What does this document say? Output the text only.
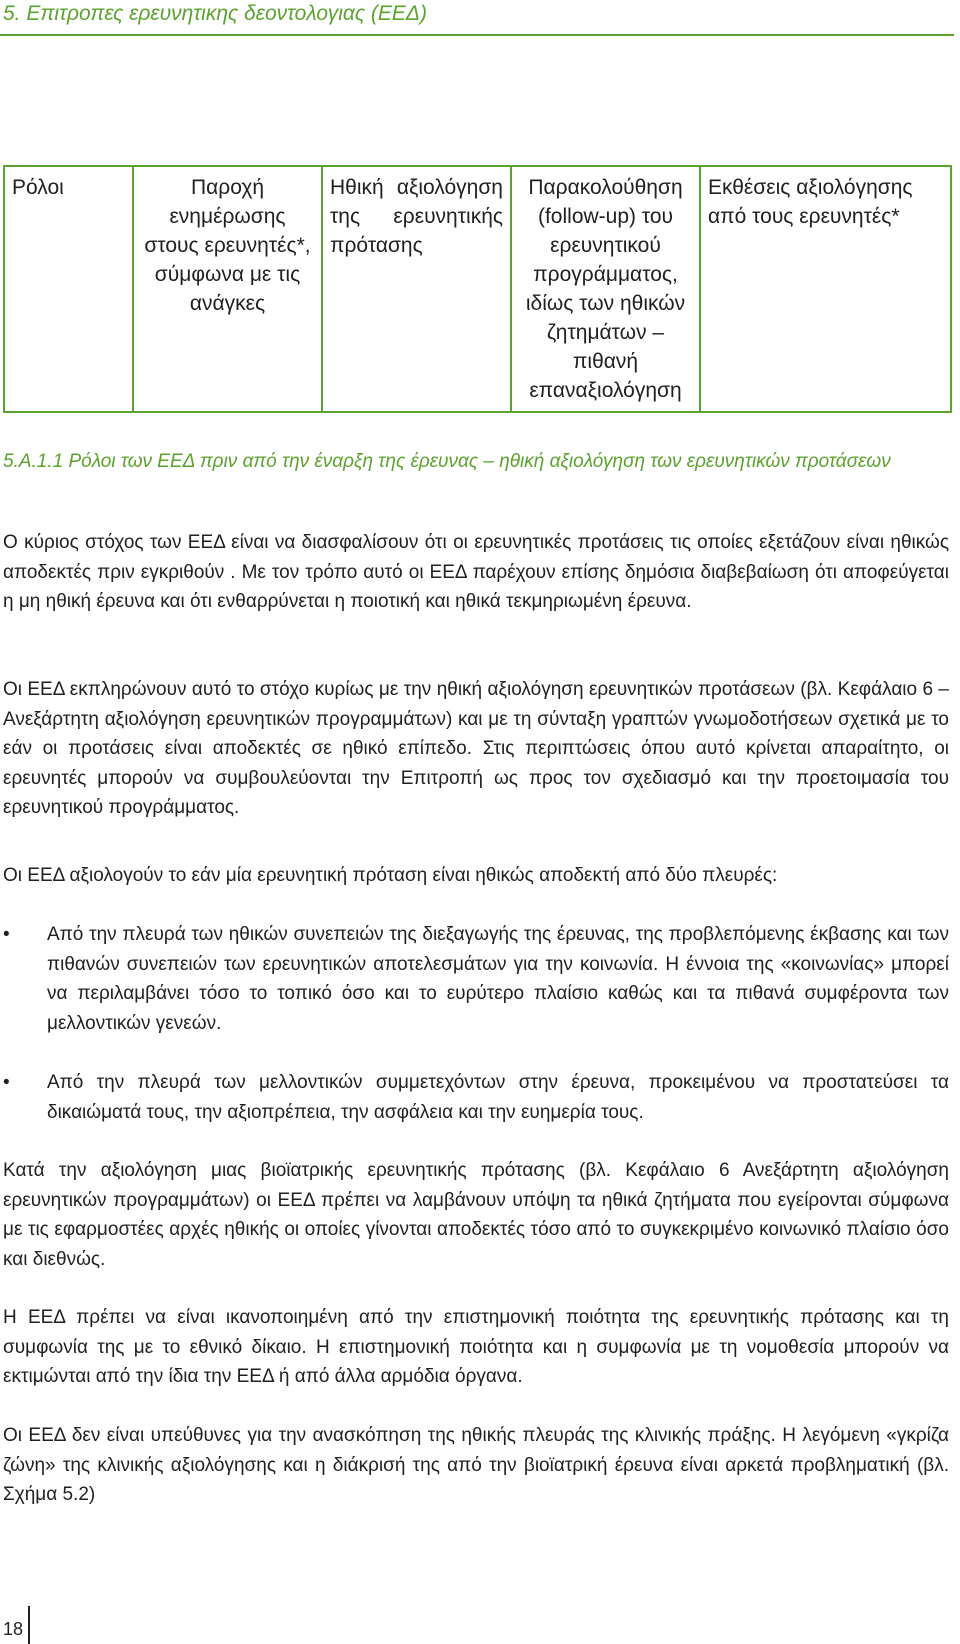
5. Επιτροπες ερευνητικης δεοντολογιας (ΕΕΔ)
Ρόλοι	Παροχή ενημέρωσης στους ερευνητές*, σύμφωνα με τις ανάγκες	Ηθική αξιολόγηση της ερευνητικής πρότασης	Παρακολούθηση (follow-up) του ερευνητικού προγράμματος, ιδίως των ηθικών ζητημάτων – πιθανή επαναξιολόγηση	Εκθέσεις αξιολόγησης από τους ερευνητές*
5.Α.1.1 Ρόλοι των ΕΕΔ πριν από την έναρξη της έρευνας – ηθική αξιολόγηση των ερευνητικών προτάσεων

Ο κύριος στόχος των ΕΕΔ είναι να διασφαλίσουν ότι οι ερευνητικές προτάσεις τις οποίες εξετάζουν είναι ηθικώς αποδεκτές πριν εγκριθούν . Με τον τρόπο αυτό οι ΕΕΔ παρέχουν επίσης δημόσια διαβεβαίωση ότι αποφεύγεται η μη ηθική έρευνα και ότι ενθαρρύνεται η ποιοτική και ηθικά τεκμηριωμένη έρευνα.

Οι ΕΕΔ εκπληρώνουν αυτό το στόχο κυρίως με την ηθική αξιολόγηση ερευνητικών προτάσεων (βλ. Κεφάλαιο 6 – Ανεξάρτητη αξιολόγηση ερευνητικών προγραμμάτων) και με τη σύνταξη γραπτών γνωμοδοτήσεων σχετικά με το εάν οι προτάσεις είναι αποδεκτές σε ηθικό επίπεδο. Στις περιπτώσεις όπου αυτό κρίνεται απαραίτητο, οι ερευνητές μπορούν να συμβουλεύονται την Επιτροπή ως προς τον σχεδιασμό και την προετοιμασία του ερευνητικού προγράμματος.

Οι ΕΕΔ αξιολογούν το εάν μία ερευνητική πρόταση είναι ηθικώς αποδεκτή από δύο πλευρές:

• Από την πλευρά των ηθικών συνεπειών της διεξαγωγής της έρευνας, της προβλεπόμενης έκβασης και των πιθανών συνεπειών των ερευνητικών αποτελεσμάτων για την κοινωνία. Η έννοια της «κοινωνίας» μπορεί να περιλαμβάνει τόσο το τοπικό όσο και το ευρύτερο πλαίσιο καθώς και τα πιθανά συμφέροντα των μελλοντικών γενεών.
• Από την πλευρά των μελλοντικών συμμετεχόντων στην έρευνα, προκειμένου να προστατεύσει τα δικαιώματά τους, την αξιοπρέπεια, την ασφάλεια και την ευημερία τους.

Κατά την αξιολόγηση μιας βιοϊατρικής ερευνητικής πρότασης (βλ. Κεφάλαιο 6 Ανεξάρτητη αξιολόγηση ερευνητικών προγραμμάτων) οι ΕΕΔ πρέπει να λαμβάνουν υπόψη τα ηθικά ζητήματα που εγείρονται σύμφωνα με τις εφαρμοστέες αρχές ηθικής οι οποίες γίνονται αποδεκτές τόσο από το συγκεκριμένο κοινωνικό πλαίσιο όσο και διεθνώς.

Η ΕΕΔ πρέπει να είναι ικανοποιημένη από την επιστημονική ποιότητα της ερευνητικής πρότασης και τη συμφωνία της με το εθνικό δίκαιο. Η επιστημονική ποιότητα και η συμφωνία με τη νομοθεσία μπορούν να εκτιμώνται από την ίδια την ΕΕΔ ή από άλλα αρμόδια όργανα.

Οι ΕΕΔ δεν είναι υπεύθυνες για την ανασκόπηση της ηθικής πλευράς της κλινικής πράξης. Η λεγόμενη «γκρίζα ζώνη» της κλινικής αξιολόγησης και η διάκρισή της από την βιοϊατρική έρευνα είναι αρκετά προβληματική (βλ. Σχήμα 5.2)

18
